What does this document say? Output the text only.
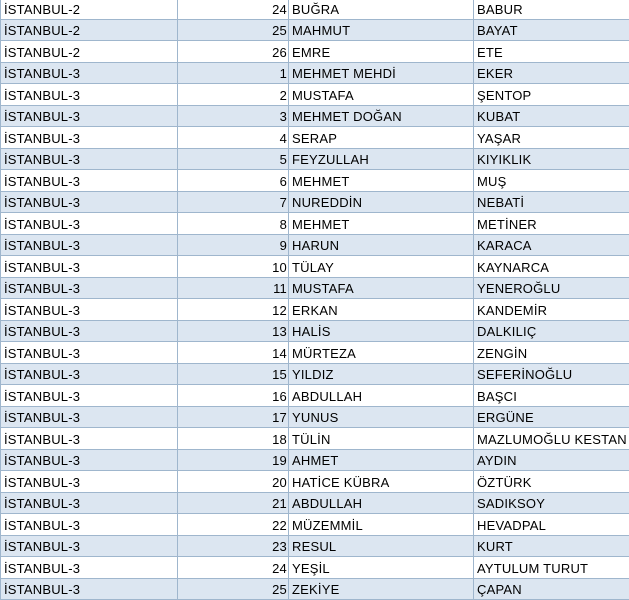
İSTANBUL-2	24	BUĞRA	BABUR
İSTANBUL-2	25	MAHMUT	BAYAT
İSTANBUL-2	26	EMRE	ETE
İSTANBUL-3	1	MEHMET MEHDİ	EKER
İSTANBUL-3	2	MUSTAFA	ŞENTOP
İSTANBUL-3	3	MEHMET DOĞAN	KUBAT
İSTANBUL-3	4	SERAP	YAŞAR
İSTANBUL-3	5	FEYZULLAH	KIYIKLIK
İSTANBUL-3	6	MEHMET	MUŞ
İSTANBUL-3	7	NUREDDİN	NEBATİ
İSTANBUL-3	8	MEHMET	METİNER
İSTANBUL-3	9	HARUN	KARACA
İSTANBUL-3	10	TÜLAY	KAYNARCA
İSTANBUL-3	11	MUSTAFA	YENEROĞLU
İSTANBUL-3	12	ERKAN	KANDEMİR
İSTANBUL-3	13	HALİS	DALKILIÇ
İSTANBUL-3	14	MÜRTEZA	ZENGİN
İSTANBUL-3	15	YILDIZ	SEFERİNOĞLU
İSTANBUL-3	16	ABDULLAH	BAŞCI
İSTANBUL-3	17	YUNUS	ERGÜNE
İSTANBUL-3	18	TÜLİN	MAZLUMOĞLU KESTAN
İSTANBUL-3	19	AHMET	AYDIN
İSTANBUL-3	20	HATİCE KÜBRA	ÖZTÜRK
İSTANBUL-3	21	ABDULLAH	SADIKSOY
İSTANBUL-3	22	MÜZEMMİL	HEVADPAL
İSTANBUL-3	23	RESUL	KURT
İSTANBUL-3	24	YEŞİL	AYTULUM TURUT
İSTANBUL-3	25	ZEKİYE	ÇAPAN
